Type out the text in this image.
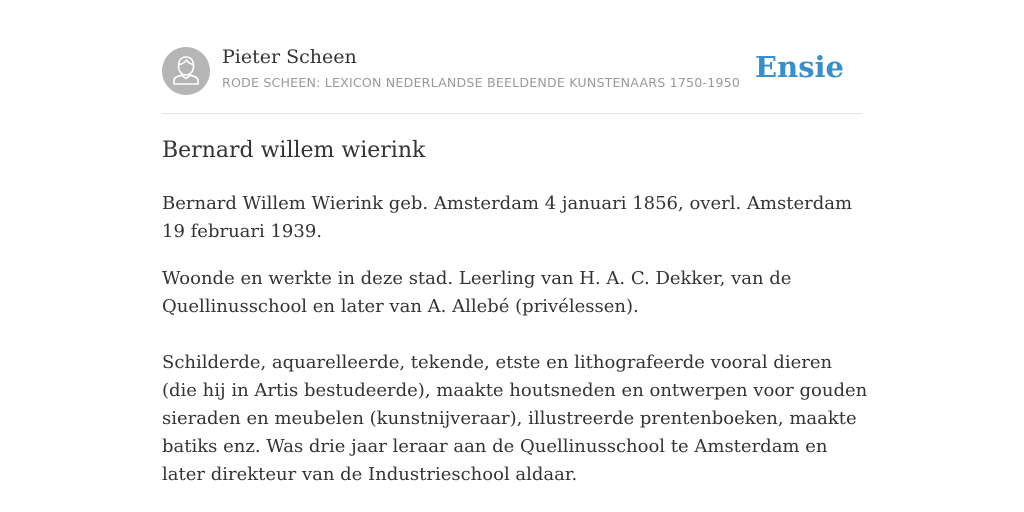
Pieter Scheen
RODE SCHEEN: LEXICON NEDERLANDSE BEELDENDE KUNSTENAARS 1750-1950 Ensie
Bernard willem wierink

Bernard Willem Wierink geb. Amsterdam 4 januari 1856, overl. Amsterdam 19 februari 1939.

Woonde en werkte in deze stad. Leerling van H. A. C. Dekker, van de Quellinusschool en later van A. Allebé (privélessen).

Schilderde, aquarelleerde, tekende, etste en lithografeerde vooral dieren (die hij in Artis bestudeerde), maakte houtsneden en ontwerpen voor gouden sieraden en meubelen (kunstnijveraar), illustreerde prentenboeken, maakte batiks enz. Was drie jaar leraar aan de Quellinusschool te Amsterdam en later direkteur van de Industrieschool aldaar.
